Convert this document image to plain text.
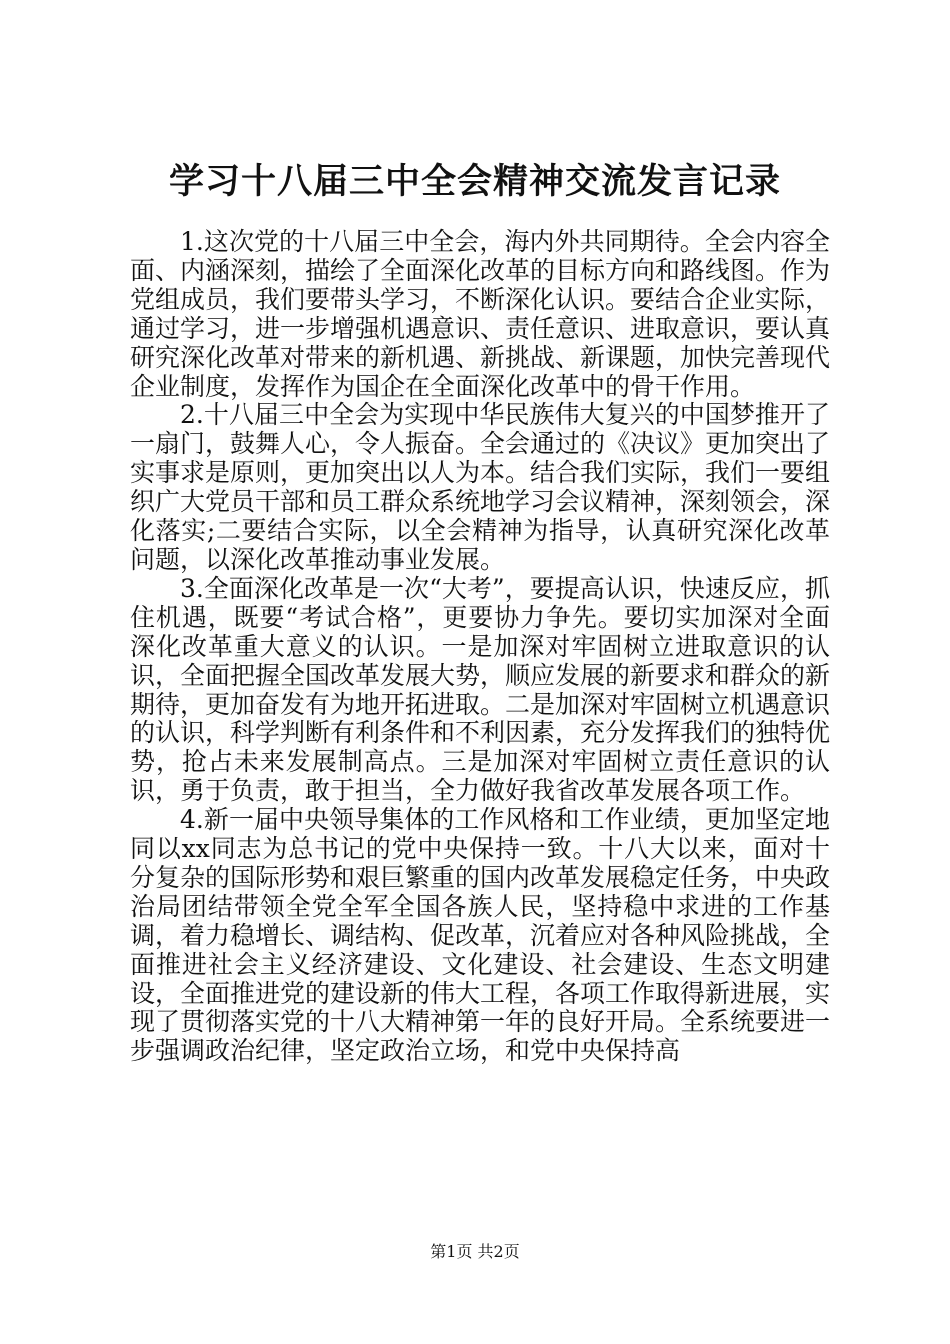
学习十八届三中全会精神交流发言记录

1.这次党的十八届三中全会，海内外共同期待。全会内容全面、内涵深刻，描绘了全面深化改革的目标方向和路线图。作为党组成员，我们要带头学习，不断深化认识。要结合企业实际，通过学习，进一步增强机遇意识、责任意识、进取意识，要认真研究深化改革对带来的新机遇、新挑战、新课题，加快完善现代企业制度，发挥作为国企在全面深化改革中的骨干作用。

2.十八届三中全会为实现中华民族伟大复兴的中国梦推开了一扇门，鼓舞人心，令人振奋。全会通过的《决议》更加突出了实事求是原则，更加突出以人为本。结合我们实际，我们一要组织广大党员干部和员工群众系统地学习会议精神，深刻领会，深化落实;二要结合实际，以全会精神为指导，认真研究深化改革问题，以深化改革推动事业发展。

3.全面深化改革是一次“大考”，要提高认识，快速反应，抓住机遇，既要“考试合格”，更要协力争先。要切实加深对全面深化改革重大意义的认识。一是加深对牢固树立进取意识的认识，全面把握全国改革发展大势，顺应发展的新要求和群众的新期待，更加奋发有为地开拓进取。二是加深对牢固树立机遇意识的认识，科学判断有利条件和不利因素，充分发挥我们的独特优势，抢占未来发展制高点。三是加深对牢固树立责任意识的认识，勇于负责，敢于担当，全力做好我省改革发展各项工作。

4.新一届中央领导集体的工作风格和工作业绩，更加坚定地同以xx同志为总书记的党中央保持一致。十八大以来，面对十分复杂的国际形势和艰巨繁重的国内改革发展稳定任务，中央政治局团结带领全党全军全国各族人民，坚持稳中求进的工作基调，着力稳增长、调结构、促改革，沉着应对各种风险挑战，全面推进社会主义经济建设、文化建设、社会建设、生态文明建设，全面推进党的建设新的伟大工程，各项工作取得新进展，实现了贯彻落实党的十八大精神第一年的良好开局。全系统要进一步强调政治纪律，坚定政治立场，和党中央保持高

第1页 共2页
